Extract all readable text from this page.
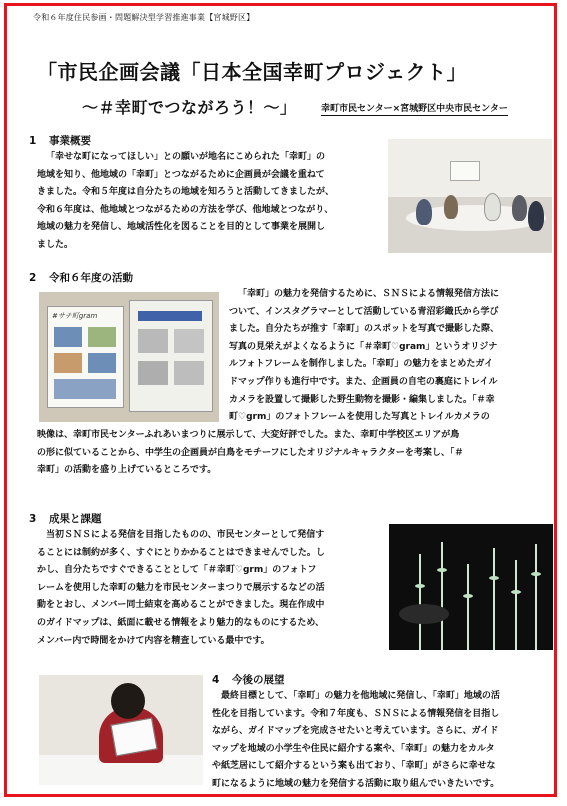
令和６年度住民参画・問題解決型学習推進事業【宮城野区】
「市民企画会議「日本全国幸町プロジェクト」
～＃幸町でつながろう！～」	幸町市民センター×宮城野区中央市民センター
1 事業概要
「幸せな町になってほしい」との願いが地名にこめられた「幸町」の
地域を知り、他地域の「幸町」とつながるために企画員が会議を重ねて
きました。令和５年度は自分たちの地域を知ろうと活動してきましたが、
令和６年度は、他地域とつながるための方法を学び、他地域とつながり、
地域の魅力を発信し、地域活性化を図ることを目的として事業を展開し
ました。
2 令和６年度の活動
#サチ町gram
「幸町」の魅力を発信するために、ＳＮＳによる情報発信方法に
ついて、インスタグラマーとして活動している青沼彩織氏から学び
ました。自分たちが推す「幸町」のスポットを写真で撮影した際、
写真の見栄えがよくなるように「＃幸町♡gram」というオリジナ
ルフォトフレームを制作しました。「幸町」の魅力をまとめたガイ
ドマップ作りも進行中です。また、企画員の自宅の裏庭にトレイル
カメラを設置して撮影した野生動物を撮影・編集しました。「＃幸
町♡grm」のフォトフレームを使用した写真とトレイルカメラの
映像は、幸町市民センターふれあいまつりに展示して、大変好評でした。また、幸町中学校区エリアが鳥
の形に似ていることから、中学生の企画員が白鳥をモチーフにしたオリジナルキャラクターを考案し、「＃
幸町」の活動を盛り上げているところです。
3 成果と課題
当初ＳＮＳによる発信を目指したものの、市民センターとして発信す
ることには制約が多く、すぐにとりかかることはできませんでした。し
かし、自分たちですぐできることとして「＃幸町♡grm」のフォトフ
レームを使用した幸町の魅力を市民センターまつりで展示するなどの活
動をとおし、メンバー同士結束を高めることができました。現在作成中
のガイドマップは、紙面に載せる情報をより魅力的なものにするため、
メンバー内で時間をかけて内容を精査している最中です。
4 今後の展望
最終目標として、「幸町」の魅力を他地域に発信し、「幸町」地域の活
性化を目指しています。令和７年度も、ＳＮＳによる情報発信を目指し
ながら、ガイドマップを完成させたいと考えています。さらに、ガイド
マップを地域の小学生や住民に紹介する案や、「幸町」の魅力をカルタ
や紙芝居にして紹介するという案も出ており、「幸町」がさらに幸せな
町になるように地域の魅力を発信する活動に取り組んでいきたいです。
